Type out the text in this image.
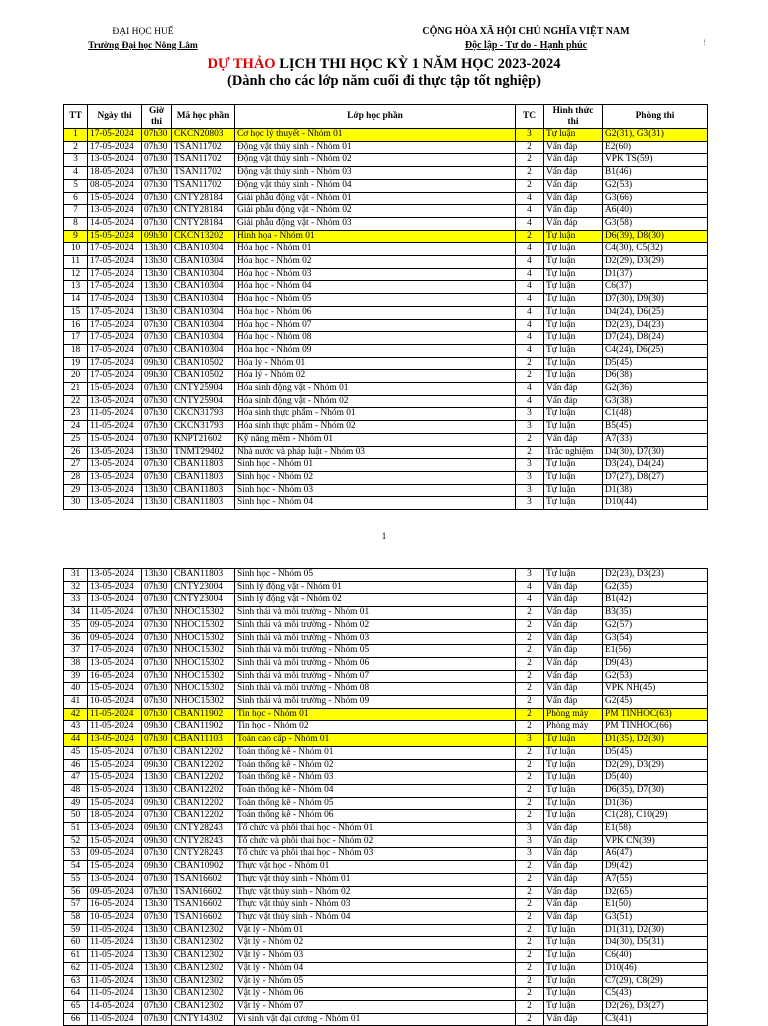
ĐẠI HỌC HUẾ
Trường Đại học Nông Lâm
CỘNG HÒA XÃ HỘI CHỦ NGHĨA VIỆT NAM
Độc lập - Tự do - Hạnh phúc	!
DỰ THẢO LỊCH THI HỌC KỲ 1 NĂM HỌC 2023-2024
(Dành cho các lớp năm cuối đi thực tập tốt nghiệp)
TT	Ngày thi	Giờ thi	Mã học phần	Lớp học phần	TC	Hình thức thi	Phòng thi
1	17-05-2024	07h30	CKCN20803	Cơ học lý thuyết - Nhóm 01	3	Tự luận	G2(31), G3(31)
2	17-05-2024	07h30	TSAN11702	Động vật thủy sinh - Nhóm 01	2	Vấn đáp	E2(60)
3	13-05-2024	07h30	TSAN11702	Động vật thủy sinh - Nhóm 02	2	Vấn đáp	VPK TS(59)
4	18-05-2024	07h30	TSAN11702	Động vật thủy sinh - Nhóm 03	2	Vấn đáp	B1(46)
5	08-05-2024	07h30	TSAN11702	Động vật thủy sinh - Nhóm 04	2	Vấn đáp	G2(53)
6	15-05-2024	07h30	CNTY28184	Giải phẫu động vật - Nhóm 01	4	Vấn đáp	G3(66)
7	13-05-2024	07h30	CNTY28184	Giải phẫu động vật - Nhóm 02	4	Vấn đáp	A6(40)
8	14-05-2024	07h30	CNTY28184	Giải phẫu động vật - Nhóm 03	4	Vấn đáp	G3(58)
9	15-05-2024	09h30	CKCN13202	Hình họa - Nhóm 01	2	Tự luận	D6(39), D8(30)
10	17-05-2024	13h30	CBAN10304	Hóa học - Nhóm 01	4	Tự luận	C4(30), C5(32)
11	17-05-2024	13h30	CBAN10304	Hóa học - Nhóm 02	4	Tự luận	D2(29), D3(29)
12	17-05-2024	13h30	CBAN10304	Hóa học - Nhóm 03	4	Tự luận	D1(37)
13	17-05-2024	13h30	CBAN10304	Hóa học - Nhóm 04	4	Tự luận	C6(37)
14	17-05-2024	13h30	CBAN10304	Hóa học - Nhóm 05	4	Tự luận	D7(30), D9(30)
15	17-05-2024	13h30	CBAN10304	Hóa học - Nhóm 06	4	Tự luận	D4(24), D6(25)
16	17-05-2024	07h30	CBAN10304	Hóa học - Nhóm 07	4	Tự luận	D2(23), D4(23)
17	17-05-2024	07h30	CBAN10304	Hóa học - Nhóm 08	4	Tự luận	D7(24), D8(24)
18	17-05-2024	07h30	CBAN10304	Hóa học - Nhóm 09	4	Tự luận	C4(24), D6(25)
19	17-05-2024	09h30	CBAN10502	Hóa lý - Nhóm 01	2	Tự luận	D5(45)
20	17-05-2024	09h30	CBAN10502	Hóa lý - Nhóm 02	2	Tự luận	D6(38)
21	15-05-2024	07h30	CNTY25904	Hóa sinh động vật - Nhóm 01	4	Vấn đáp	G2(36)
22	13-05-2024	07h30	CNTY25904	Hóa sinh động vật - Nhóm 02	4	Vấn đáp	G3(38)
23	11-05-2024	07h30	CKCN31793	Hóa sinh thực phẩm - Nhóm 01	3	Tự luận	C1(48)
24	11-05-2024	07h30	CKCN31793	Hóa sinh thực phẩm - Nhóm 02	3	Tự luận	B5(45)
25	15-05-2024	07h30	KNPT21602	Kỹ năng mềm - Nhóm 01	2	Vấn đáp	A7(33)
26	13-05-2024	13h30	TNMT29402	Nhà nước và pháp luật - Nhóm 03	2	Trắc nghiệm	D4(30), D7(30)
27	13-05-2024	07h30	CBAN11803	Sinh học - Nhóm 01	3	Tự luận	D3(24), D4(24)
28	13-05-2024	07h30	CBAN11803	Sinh học - Nhóm 02	3	Tự luận	D7(27), D8(27)
29	13-05-2024	13h30	CBAN11803	Sinh học - Nhóm 03	3	Tự luận	D1(38)
30	13-05-2024	13h30	CBAN11803	Sinh học - Nhóm 04	3	Tự luận	D10(44)
1
31	13-05-2024	13h30	CBAN11803	Sinh học - Nhóm 05	3	Tự luận	D2(23), D3(23)
32	13-05-2024	07h30	CNTY23004	Sinh lý động vật - Nhóm 01	4	Vấn đáp	G2(35)
33	13-05-2024	07h30	CNTY23004	Sinh lý động vật - Nhóm 02	4	Vấn đáp	B1(42)
34	11-05-2024	07h30	NHOC15302	Sinh thái và môi trường - Nhóm 01	2	Vấn đáp	B3(35)
35	09-05-2024	07h30	NHOC15302	Sinh thái và môi trường - Nhóm 02	2	Vấn đáp	G2(57)
36	09-05-2024	07h30	NHOC15302	Sinh thái và môi trường - Nhóm 03	2	Vấn đáp	G3(54)
37	17-05-2024	07h30	NHOC15302	Sinh thái và môi trường - Nhóm 05	2	Vấn đáp	E1(56)
38	13-05-2024	07h30	NHOC15302	Sinh thái và môi trường - Nhóm 06	2	Vấn đáp	D9(43)
39	16-05-2024	07h30	NHOC15302	Sinh thái và môi trường - Nhóm 07	2	Vấn đáp	G2(53)
40	15-05-2024	07h30	NHOC15302	Sinh thái và môi trường - Nhóm 08	2	Vấn đáp	VPK NH(45)
41	10-05-2024	07h30	NHOC15302	Sinh thái và môi trường - Nhóm 09	2	Vấn đáp	G2(45)
42	11-05-2024	07h30	CBAN11902	Tin học - Nhóm 01	2	Phòng máy	PM TINHOC(63)
43	11-05-2024	09h30	CBAN11902	Tin học - Nhóm 02	2	Phòng máy	PM TINHOC(66)
44	13-05-2024	07h30	CBAN11103	Toán cao cấp - Nhóm 01	3	Tự luận	D1(35), D2(30)
45	15-05-2024	07h30	CBAN12202	Toán thống kê - Nhóm 01	2	Tự luận	D5(45)
46	15-05-2024	09h30	CBAN12202	Toán thống kê - Nhóm 02	2	Tự luận	D2(29), D3(29)
47	15-05-2024	13h30	CBAN12202	Toán thống kê - Nhóm 03	2	Tự luận	D5(40)
48	15-05-2024	13h30	CBAN12202	Toán thống kê - Nhóm 04	2	Tự luận	D6(35), D7(30)
49	15-05-2024	09h30	CBAN12202	Toán thống kê - Nhóm 05	2	Tự luận	D1(36)
50	18-05-2024	07h30	CBAN12202	Toán thống kê - Nhóm 06	2	Tự luận	C1(28), C10(29)
51	13-05-2024	09h30	CNTY28243	Tổ chức và phôi thai học - Nhóm 01	3	Vấn đáp	E1(58)
52	15-05-2024	09h30	CNTY28243	Tổ chức và phôi thai học - Nhóm 02	3	Vấn đáp	VPK CN(39)
53	09-05-2024	07h30	CNTY28243	Tổ chức và phôi thai học - Nhóm 03	3	Vấn đáp	A6(47)
54	15-05-2024	09h30	CBAN10902	Thực vật học - Nhóm 01	2	Vấn đáp	D9(42)
55	13-05-2024	07h30	TSAN16602	Thực vật thủy sinh - Nhóm 01	2	Vấn đáp	A7(55)
56	09-05-2024	07h30	TSAN16602	Thực vật thủy sinh - Nhóm 02	2	Vấn đáp	D2(65)
57	16-05-2024	13h30	TSAN16602	Thực vật thủy sinh - Nhóm 03	2	Vấn đáp	E1(50)
58	10-05-2024	07h30	TSAN16602	Thực vật thủy sinh - Nhóm 04	2	Vấn đáp	G3(51)
59	11-05-2024	13h30	CBAN12302	Vật lý - Nhóm 01	2	Tự luận	D1(31), D2(30)
60	11-05-2024	13h30	CBAN12302	Vật lý - Nhóm 02	2	Tự luận	D4(30), D5(31)
61	11-05-2024	13h30	CBAN12302	Vật lý - Nhóm 03	2	Tự luận	C6(40)
62	11-05-2024	13h30	CBAN12302	Vật lý - Nhóm 04	2	Tự luận	D10(46)
63	11-05-2024	13h30	CBAN12302	Vật lý - Nhóm 05	2	Tự luận	C7(29), C8(29)
64	11-05-2024	13h30	CBAN12302	Vật lý - Nhóm 06	2	Tự luận	C5(43)
65	14-05-2024	07h30	CBAN12302	Vật lý - Nhóm 07	2	Tự luận	D2(26), D3(27)
66	11-05-2024	07h30	CNTY14302	Vi sinh vật đại cương - Nhóm 01	2	Vấn đáp	C3(41)
